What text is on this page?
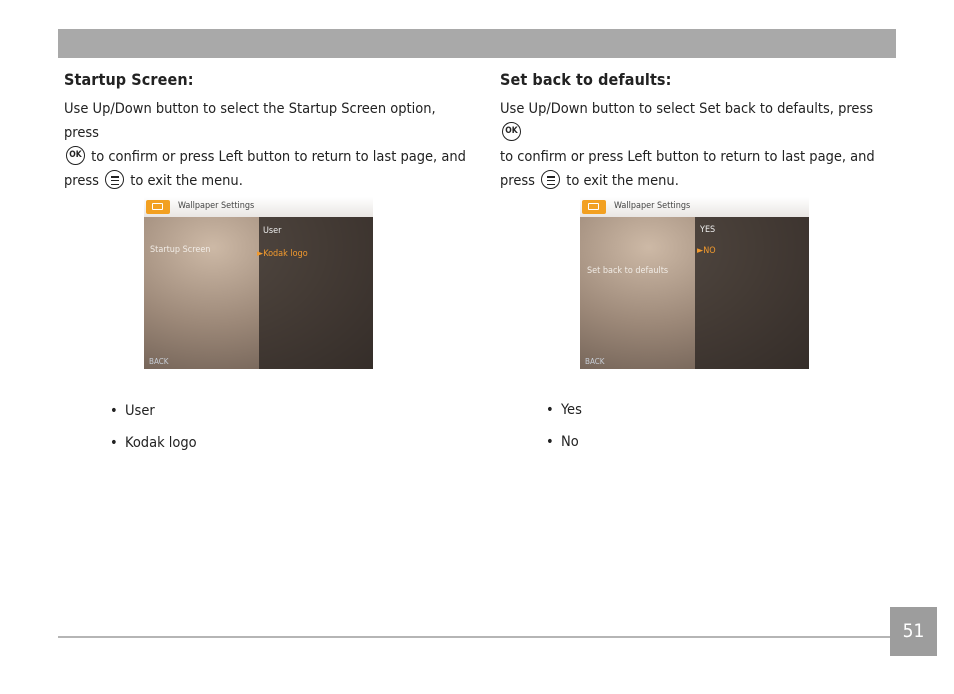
Startup Screen:

Use Up/Down button to select the Startup Screen option, press
OK to confirm or press Left button to return to last page, and
press to exit the menu.

Wallpaper Settings
Startup Screen
User
►Kodak logo
BACK
• User
• Kodak logo
Set back to defaults:

Use Up/Down button to select Set back to defaults, press OK
to confirm or press Left button to return to last page, and
press to exit the menu.

Wallpaper Settings
Set back to defaults
YES
►NO
BACK
• Yes
• No
51
